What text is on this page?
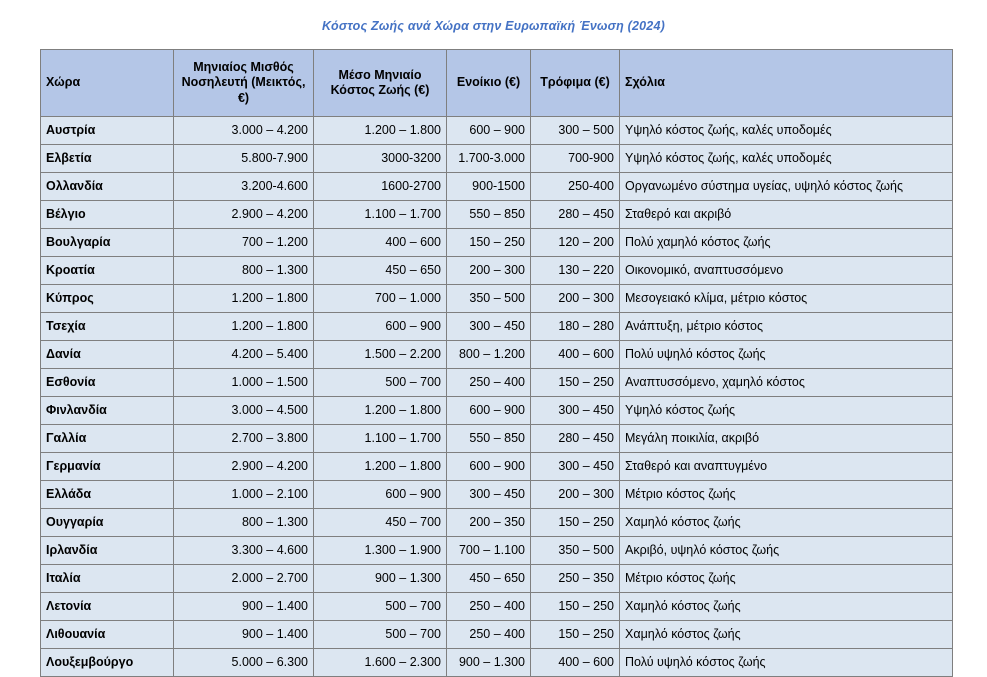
Κόστος Ζωής ανά Χώρα στην Ευρωπαϊκή Ένωση (2024)
Χώρα	Μηνιαίος Μισθός Νοσηλευτή (Μεικτός, €)	Μέσο Μηνιαίο Κόστος Ζωής (€)	Ενοίκιο (€)	Τρόφιμα (€)	Σχόλια
Αυστρία	3.000 – 4.200	1.200 – 1.800	600 – 900	300 – 500	Υψηλό κόστος ζωής, καλές υποδομές
Ελβετία	5.800-7.900	3000-3200	1.700-3.000	700-900	Υψηλό κόστος ζωής, καλές υποδομές
Ολλανδία	3.200-4.600	1600-2700	900-1500	250-400	Οργανωμένο σύστημα υγείας, υψηλό κόστος ζωής
Βέλγιο	2.900 – 4.200	1.100 – 1.700	550 – 850	280 – 450	Σταθερό και ακριβό
Βουλγαρία	700 – 1.200	400 – 600	150 – 250	120 – 200	Πολύ χαμηλό κόστος ζωής
Κροατία	800 – 1.300	450 – 650	200 – 300	130 – 220	Οικονομικό, αναπτυσσόμενο
Κύπρος	1.200 – 1.800	700 – 1.000	350 – 500	200 – 300	Μεσογειακό κλίμα, μέτριο κόστος
Τσεχία	1.200 – 1.800	600 – 900	300 – 450	180 – 280	Ανάπτυξη, μέτριο κόστος
Δανία	4.200 – 5.400	1.500 – 2.200	800 – 1.200	400 – 600	Πολύ υψηλό κόστος ζωής
Εσθονία	1.000 – 1.500	500 – 700	250 – 400	150 – 250	Αναπτυσσόμενο, χαμηλό κόστος
Φινλανδία	3.000 – 4.500	1.200 – 1.800	600 – 900	300 – 450	Υψηλό κόστος ζωής
Γαλλία	2.700 – 3.800	1.100 – 1.700	550 – 850	280 – 450	Μεγάλη ποικιλία, ακριβό
Γερμανία	2.900 – 4.200	1.200 – 1.800	600 – 900	300 – 450	Σταθερό και αναπτυγμένο
Ελλάδα	1.000 – 2.100	600 – 900	300 – 450	200 – 300	Μέτριο κόστος ζωής
Ουγγαρία	800 – 1.300	450 – 700	200 – 350	150 – 250	Χαμηλό κόστος ζωής
Ιρλανδία	3.300 – 4.600	1.300 – 1.900	700 – 1.100	350 – 500	Ακριβό, υψηλό κόστος ζωής
Ιταλία	2.000 – 2.700	900 – 1.300	450 – 650	250 – 350	Μέτριο κόστος ζωής
Λετονία	900 – 1.400	500 – 700	250 – 400	150 – 250	Χαμηλό κόστος ζωής
Λιθουανία	900 – 1.400	500 – 700	250 – 400	150 – 250	Χαμηλό κόστος ζωής
Λουξεμβούργο	5.000 – 6.300	1.600 – 2.300	900 – 1.300	400 – 600	Πολύ υψηλό κόστος ζωής
